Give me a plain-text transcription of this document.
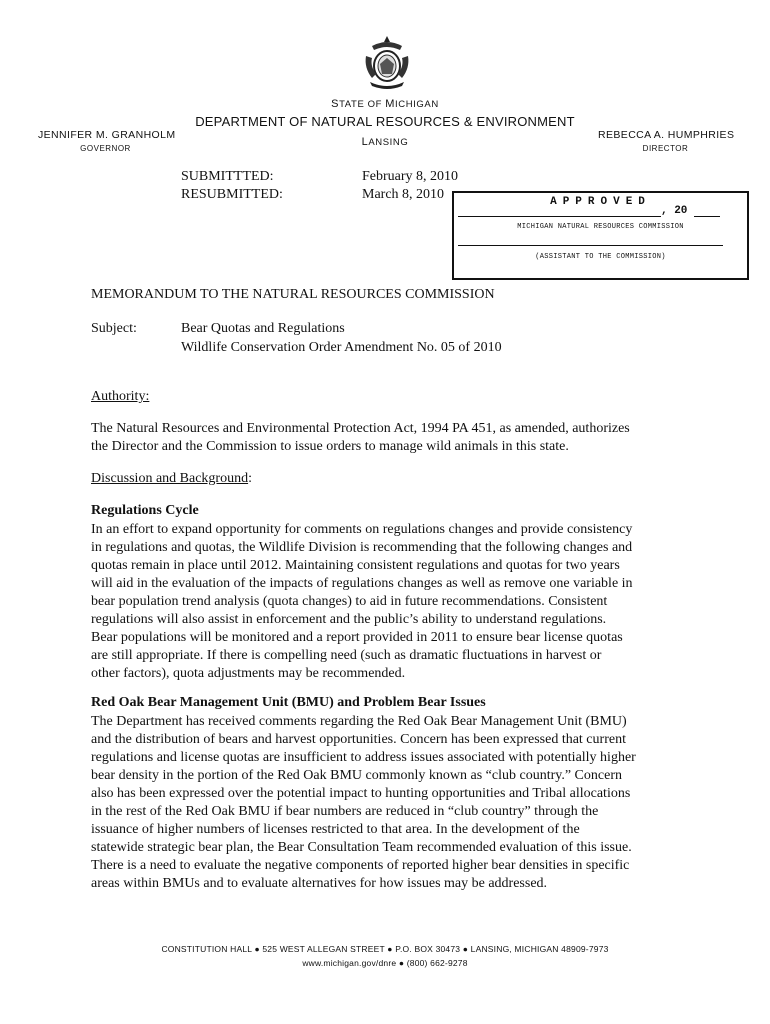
STATE OF MICHIGAN
DEPARTMENT OF NATURAL RESOURCES & ENVIRONMENT
LANSING
JENNIFER M. GRANHOLM
GOVERNOR
REBECCA A. HUMPHRIES
DIRECTOR
SUBMITTTED:	February 8, 2010
RESUBMITTED:	March 8, 2010	APPROVED
, 20
MICHIGAN NATURAL RESOURCES COMMISSION
(ASSISTANT TO THE COMMISSION)
MEMORANDUM TO THE NATURAL RESOURCES COMMISSION
Subject:	Bear Quotas and Regulations
Wildlife Conservation Order Amendment No. 05 of 2010
Authority:
The Natural Resources and Environmental Protection Act, 1994 PA 451, as amended, authorizes
the Director and the Commission to issue orders to manage wild animals in this state.
Discussion and Background:
Regulations Cycle
In an effort to expand opportunity for comments on regulations changes and provide consistency
in regulations and quotas, the Wildlife Division is recommending that the following changes and
quotas remain in place until 2012. Maintaining consistent regulations and quotas for two years
will aid in the evaluation of the impacts of regulations changes as well as remove one variable in
bear population trend analysis (quota changes) to aid in future recommendations. Consistent
regulations will also assist in enforcement and the public’s ability to understand regulations.
Bear populations will be monitored and a report provided in 2011 to ensure bear license quotas
are still appropriate. If there is compelling need (such as dramatic fluctuations in harvest or
other factors), quota adjustments may be recommended.
Red Oak Bear Management Unit (BMU) and Problem Bear Issues
The Department has received comments regarding the Red Oak Bear Management Unit (BMU)
and the distribution of bears and harvest opportunities. Concern has been expressed that current
regulations and license quotas are insufficient to address issues associated with potentially higher
bear density in the portion of the Red Oak BMU commonly known as “club country.” Concern
also has been expressed over the potential impact to hunting opportunities and Tribal allocations
in the rest of the Red Oak BMU if bear numbers are reduced in “club country” through the
issuance of higher numbers of licenses restricted to that area. In the development of the
statewide strategic bear plan, the Bear Consultation Team recommended evaluation of this issue.
There is a need to evaluate the negative components of reported higher bear densities in specific
areas within BMUs and to evaluate alternatives for how issues may be addressed.
CONSTITUTION HALL ● 525 WEST ALLEGAN STREET ● P.O. BOX 30473 ● LANSING, MICHIGAN 48909-7973
www.michigan.gov/dnre ● (800) 662-9278
